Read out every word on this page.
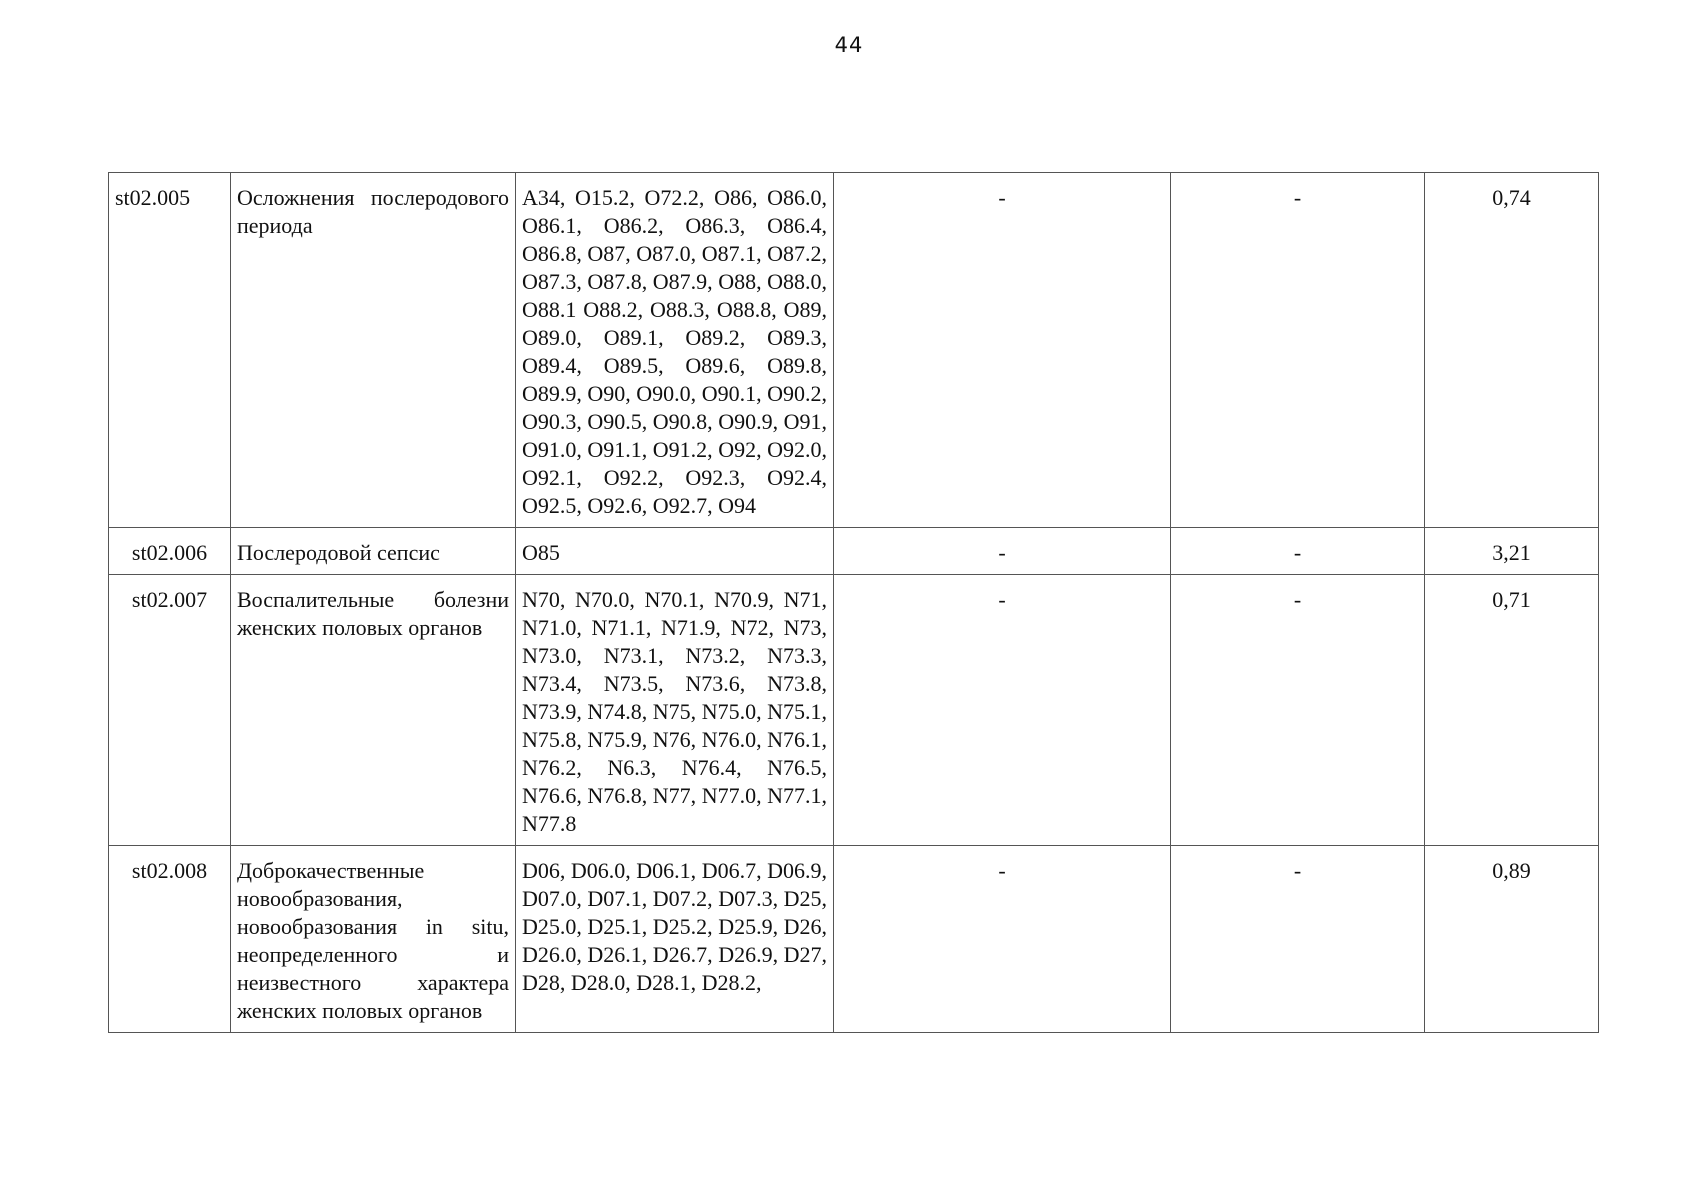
44
st02.005	Осложнения послеродового периода	A34, O15.2, O72.2, O86, O86.0, O86.1, O86.2, O86.3, O86.4, O86.8, O87, O87.0, O87.1, O87.2, O87.3, O87.8, O87.9, O88, O88.0, O88.1 O88.2, O88.3, O88.8, O89, O89.0, O89.1, O89.2, O89.3, O89.4, O89.5, O89.6, O89.8, O89.9, O90, O90.0, O90.1, O90.2, O90.3, O90.5, O90.8, O90.9, O91, O91.0, O91.1, O91.2, O92, O92.0, O92.1, O92.2, O92.3, O92.4, O92.5, O92.6, O92.7, O94	-	-	0,74
st02.006	Послеродовой сепсис	O85	-	-	3,21
st02.007	Воспалительные болезни женских половых органов	N70, N70.0, N70.1, N70.9, N71, N71.0, N71.1, N71.9, N72, N73, N73.0, N73.1, N73.2, N73.3, N73.4, N73.5, N73.6, N73.8, N73.9, N74.8, N75, N75.0, N75.1, N75.8, N75.9, N76, N76.0, N76.1, N76.2, N6.3, N76.4, N76.5, N76.6, N76.8, N77, N77.0, N77.1, N77.8	-	-	0,71
st02.008	Доброкачественные новообразования, новообразования in situ, неопределенного и неизвестного характера женских половых органов	D06, D06.0, D06.1, D06.7, D06.9, D07.0, D07.1, D07.2, D07.3, D25, D25.0, D25.1, D25.2, D25.9, D26, D26.0, D26.1, D26.7, D26.9, D27, D28, D28.0, D28.1, D28.2,	-	-	0,89
